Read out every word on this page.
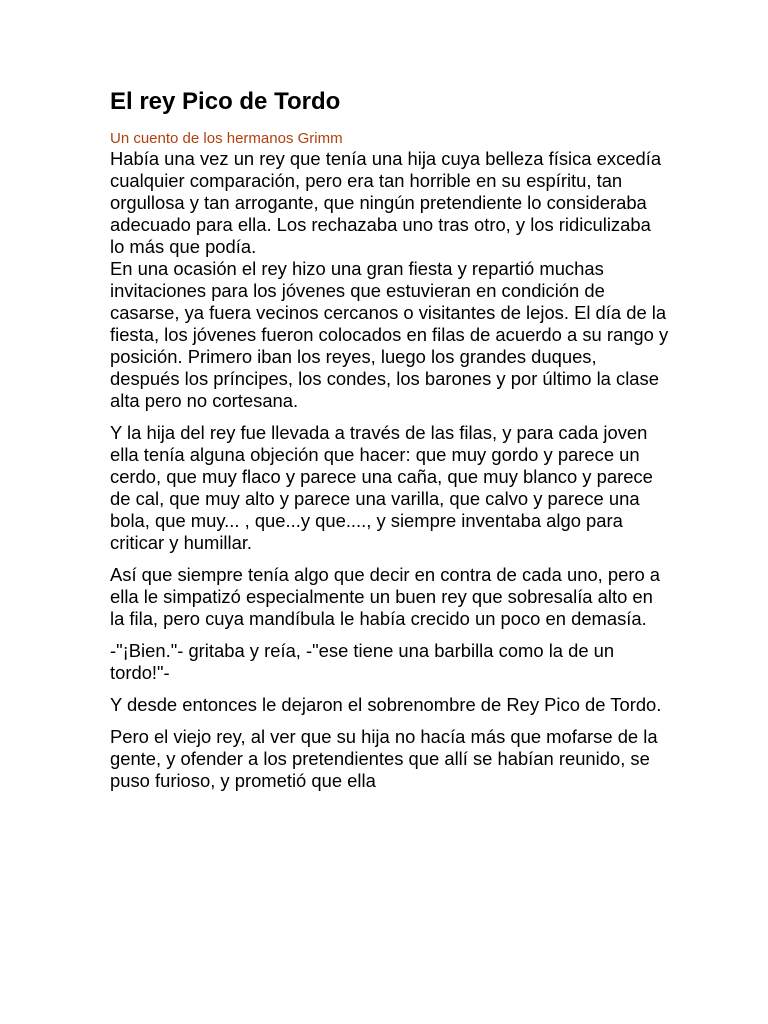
El rey Pico de Tordo

Un cuento de los hermanos Grimm

Había una vez un rey que tenía una hija cuya belleza física excedía cualquier comparación, pero era tan horrible en su espíritu, tan orgullosa y tan arrogante, que ningún pretendiente lo consideraba adecuado para ella. Los rechazaba uno tras otro, y los ridiculizaba lo más que podía.

En una ocasión el rey hizo una gran fiesta y repartió muchas invitaciones para los jóvenes que estuvieran en condición de casarse, ya fuera vecinos cercanos o visitantes de lejos. El día de la fiesta, los jóvenes fueron colocados en filas de acuerdo a su rango y posición. Primero iban los reyes, luego los grandes duques, después los príncipes, los condes, los barones y por último la clase alta pero no cortesana.

Y la hija del rey fue llevada a través de las filas, y para cada joven ella tenía alguna objeción que hacer: que muy gordo y parece un cerdo, que muy flaco y parece una caña, que muy blanco y parece de cal, que muy alto y parece una varilla, que calvo y parece una bola, que muy... , que...y que...., y siempre inventaba algo para criticar y humillar.

Así que siempre tenía algo que decir en contra de cada uno, pero a ella le simpatizó especialmente un buen rey que sobresalía alto en la fila, pero cuya mandíbula le había crecido un poco en demasía.

-"¡Bien."- gritaba y reía, -"ese tiene una barbilla como la de un tordo!"-

Y desde entonces le dejaron el sobrenombre de Rey Pico de Tordo.

Pero el viejo rey, al ver que su hija no hacía más que mofarse de la gente, y ofender a los pretendientes que allí se habían reunido, se puso furioso, y prometió que ella
